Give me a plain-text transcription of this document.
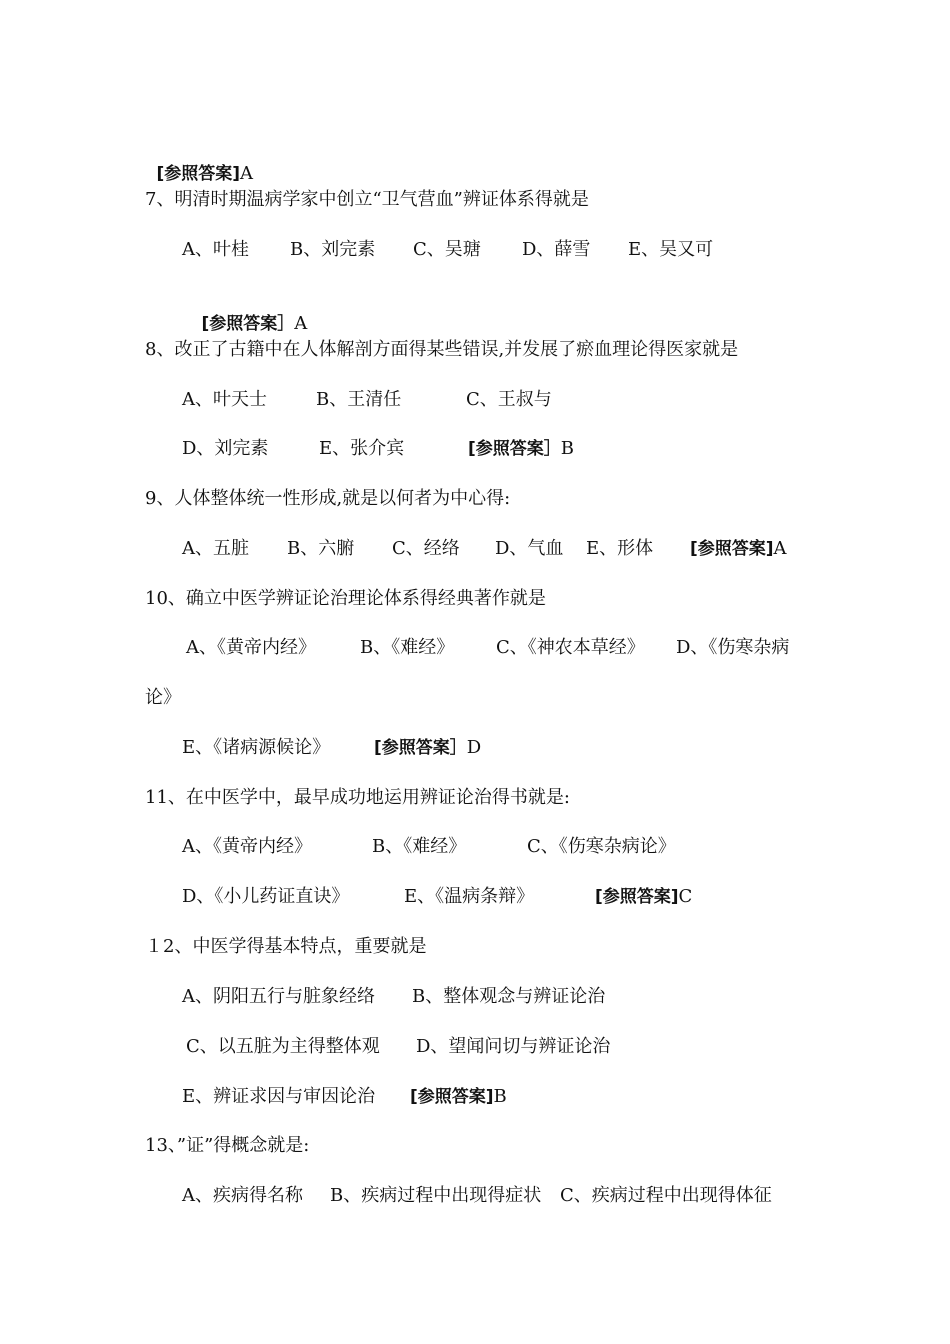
[参照答案]A

7、明清时期温病学家中创立“卫气营血”辨证体系得就是

A、叶桂

B、刘完素

C、吴瑭

D、薛雪

E、吴又可

[参照答案］A

8、改正了古籍中在人体解剖方面得某些错误,并发展了瘀血理论得医家就是

A、叶天士

	B、王清任

	C、王叔与

D、刘完素

	E、张介宾

	[参照答案］B

9、人体整体统一性形成,就是以何者为中心得:

A、五脏

B、六腑

C、经络

D、气血

E、形体

[参照答案]A

10、确立中医学辨证论治理论体系得经典著作就是

A、《黄帝内经》

B、《难经》

C、《神农本草经》

D、《伤寒杂病

论》

E、《诸病源候论》

	[参照答案］D

11、在中医学中，最早成功地运用辨证论治得书就是:

A、《黄帝内经》

	B、《难经》

	C、《伤寒杂病论》

D、《小儿药证直诀》

	E、《温病条辩》

	[参照答案]C

１2、中医学得基本特点，重要就是

A、阴阳五行与脏象经络

B、整体观念与辨证论治

C、以五脏为主得整体观

D、望闻问切与辨证论治

E、辨证求因与审因论治

[参照答案]B

13、”证”得概念就是:

A、疾病得名称

B、疾病过程中出现得症状

C、疾病过程中出现得体征
